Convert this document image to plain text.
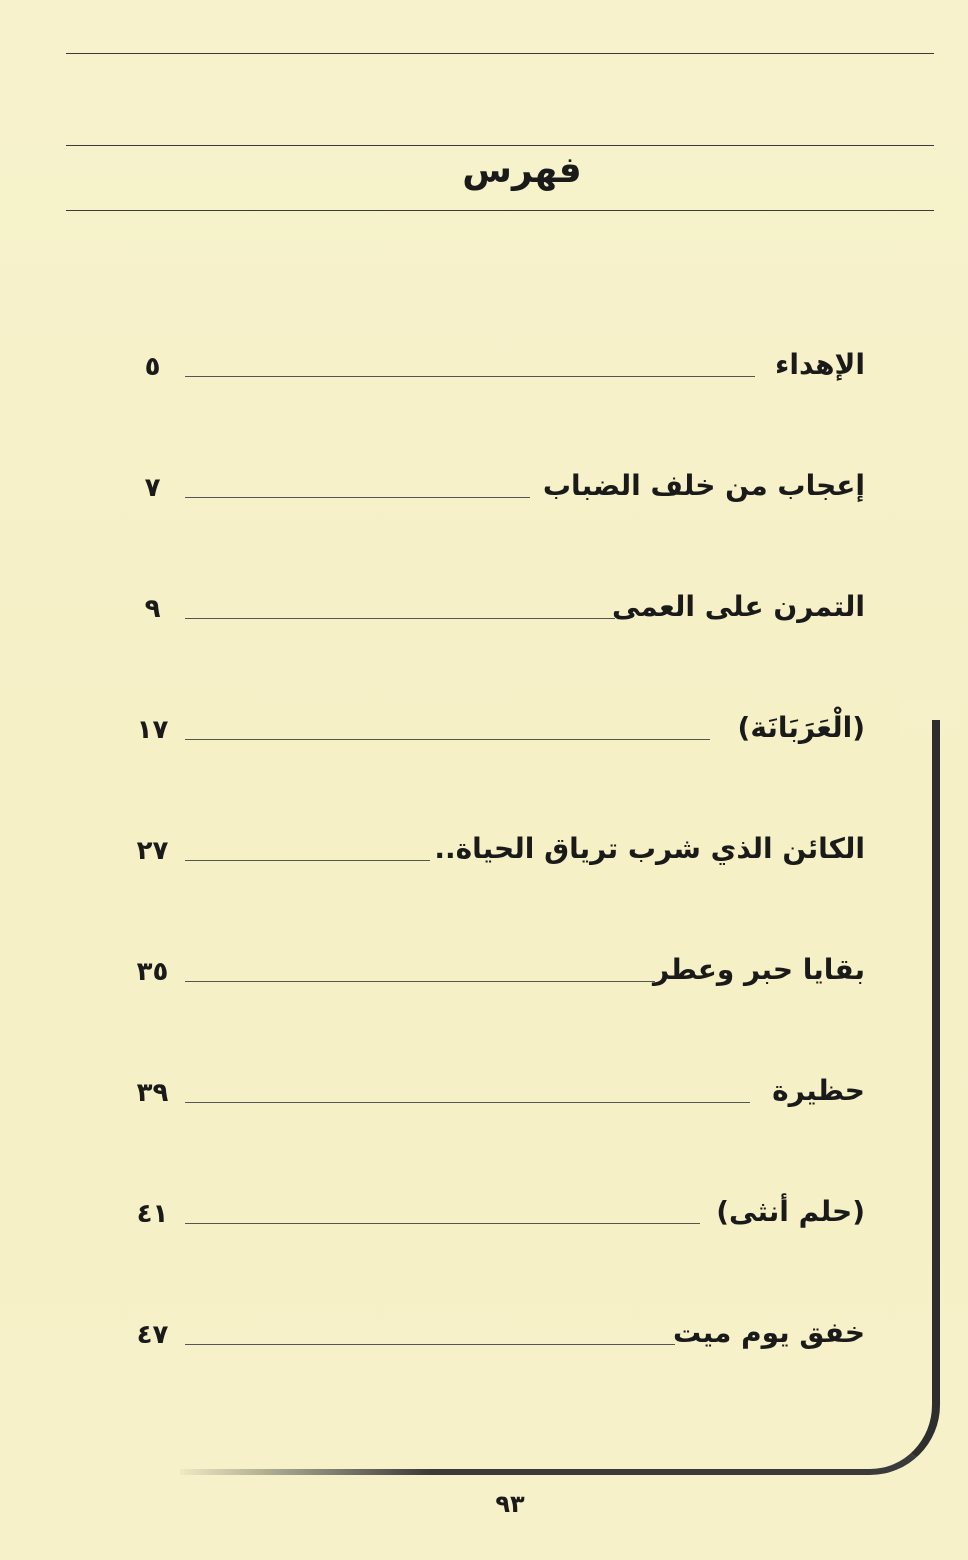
فهرس
الإهداء
٥
إعجاب من خلف الضباب
٧
التمرن على العمى
٩
(الْعَرَبَانَة)
١٧
الكائن الذي شرب ترياق الحياة..
٢٧
بقايا حبر وعطر
٣٥
حظيرة
٣٩
(حلم أنثى)
٤١
خفق يوم ميت
٤٧
٩٣
